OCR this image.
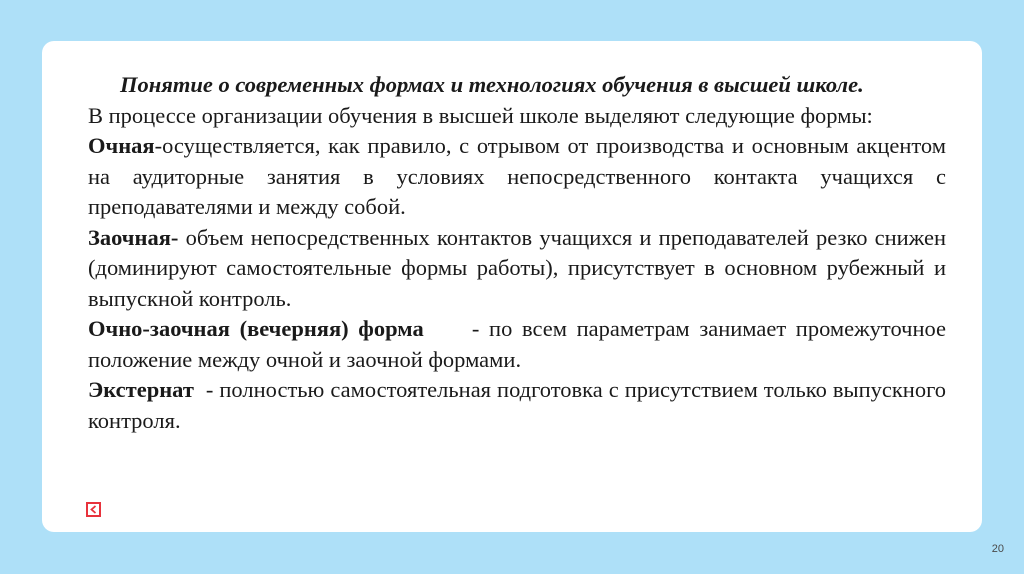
Понятие о современных формах и технологиях обучения в высшей школе.

В процессе организации обучения в высшей школе выделяют следующие формы:

Очная-осуществляется, как правило, с отрывом от производства и основным акцентом на аудиторные занятия в условиях непосредственного контакта учащихся с преподавателями и между собой.

Заочная- объем непосредственных контактов учащихся и преподавателей резко снижен (доминируют самостоятельные формы работы), присутствует в основном рубежный и выпускной контроль.

Очно-заочная (вечерняя) форма     - по всем параметрам занимает промежуточное положение между очной и заочной формами.

Экстернат  - полностью самостоятельная подготовка с присутствием только выпускного контроля.

20
